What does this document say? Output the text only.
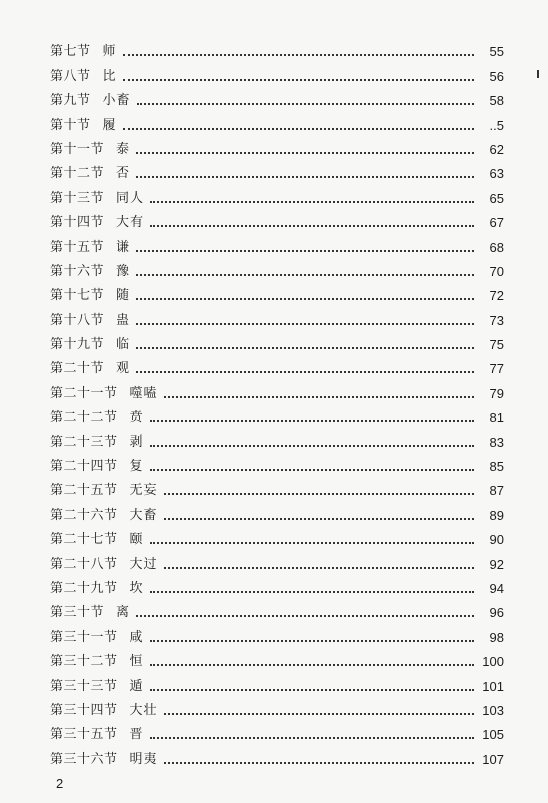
第七节 师	55
第八节 比	56
第九节 小畜	58
第十节 履	..5
第十一节 泰	62
第十二节 否	63
第十三节 同人	65
第十四节 大有	67
第十五节 谦	68
第十六节 豫	70
第十七节 随	72
第十八节 蛊	73
第十九节 临	75
第二十节 观	77
第二十一节 噬嗑	79
第二十二节 贲	81
第二十三节 剥	83
第二十四节 复	85
第二十五节 无妄	87
第二十六节 大畜	89
第二十七节 颐	90
第二十八节 大过	92
第二十九节 坎	94
第三十节 离	96
第三十一节 咸	98
第三十二节 恒	100
第三十三节 遁	101
第三十四节 大壮	103
第三十五节 晋	105
第三十六节 明夷	107
2
